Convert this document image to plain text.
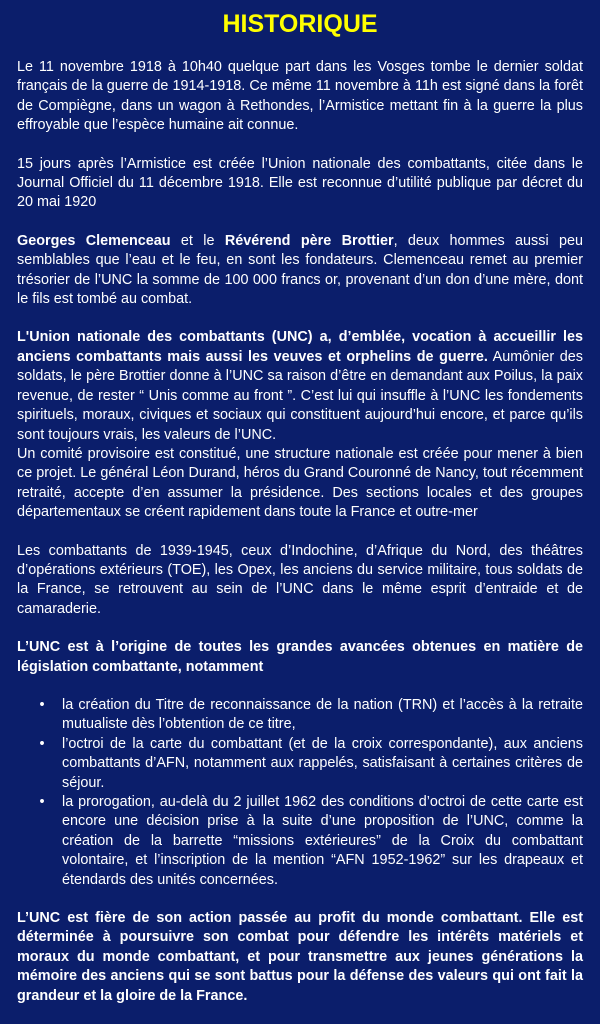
HISTORIQUE

Le 11 novembre 1918 à 10h40 quelque part dans les Vosges tombe le dernier soldat français de la guerre de 1914-1918. Ce même 11 novembre à 11h est signé dans la forêt de Compiègne, dans un wagon à Rethondes, l’Armistice mettant fin à la guerre la plus effroyable que l’espèce humaine ait connue.

15 jours après l’Armistice est créée l’Union nationale des combattants, citée dans le Journal Officiel du 11 décembre 1918. Elle est reconnue d’utilité publique par décret du 20 mai 1920

Georges Clemenceau et le Révérend père Brottier, deux hommes aussi peu semblables que l’eau et le feu, en sont les fondateurs. Clemenceau remet au premier trésorier de l’UNC la somme de 100 000 francs or, provenant d’un don d’une mère, dont le fils est tombé au combat.

L'Union nationale des combattants (UNC) a, d’emblée, vocation à accueillir les anciens combattants mais aussi les veuves et orphelins de guerre. Aumônier des soldats, le père Brottier donne à l’UNC sa raison d’être en demandant aux Poilus, la paix revenue, de rester “ Unis comme au front ”. C’est lui qui insuffle à l’UNC les fondements spirituels, moraux, civiques et sociaux qui constituent aujourd’hui encore, et parce qu’ils sont toujours vrais, les valeurs de l’UNC.

Un comité provisoire est constitué, une structure nationale est créée pour mener à bien ce projet. Le général Léon Durand, héros du Grand Couronné de Nancy, tout récemment retraité, accepte d’en assumer la présidence. Des sections locales et des groupes départementaux se créent rapidement dans toute la France et outre-mer

Les combattants de 1939-1945, ceux d’Indochine, d’Afrique du Nord, des théâtres d’opérations extérieurs (TOE), les Opex, les anciens du service militaire, tous soldats de la France, se retrouvent au sein de l’UNC dans le même esprit d’entraide et de camaraderie.

L’UNC est à l’origine de toutes les grandes avancées obtenues en matière de législation combattante, notamment

• la création du Titre de reconnaissance de la nation (TRN) et l’accès à la retraite mutualiste dès l’obtention de ce titre,
• l’octroi de la carte du combattant (et de la croix correspondante), aux anciens combattants d’AFN, notamment aux rappelés, satisfaisant à certaines critères de séjour.
• la prorogation, au-delà du 2 juillet 1962 des conditions d’octroi de cette carte est encore une décision prise à la suite d’une proposition de l’UNC, comme la création de la barrette “missions extérieures” de la Croix du combattant volontaire, et l’inscription de la mention “AFN 1952-1962” sur les drapeaux et étendards des unités concernées.

L’UNC est fière de son action passée au profit du monde combattant. Elle est déterminée à poursuivre son combat pour défendre les intérêts matériels et moraux du monde combattant, et pour transmettre aux jeunes générations la mémoire des anciens qui se sont battus pour la défense des valeurs qui ont fait la grandeur et la gloire de la France.
